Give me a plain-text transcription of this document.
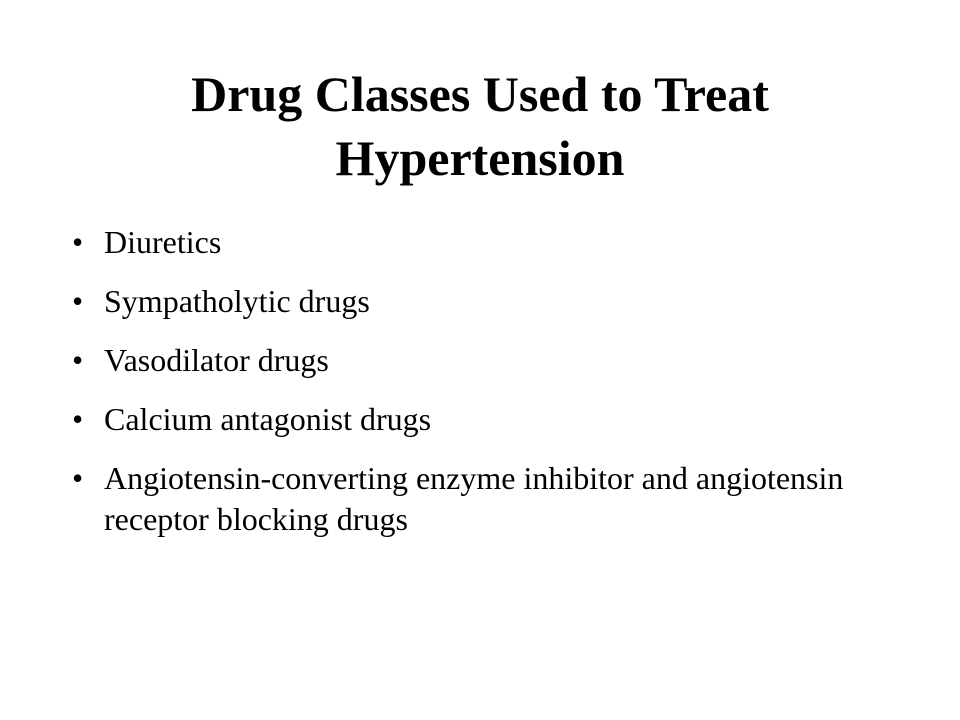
Drug Classes Used to Treat
Hypertension
• Diuretics
• Sympatholytic drugs
• Vasodilator drugs
• Calcium antagonist drugs
• Angiotensin-converting enzyme inhibitor and angiotensin receptor blocking drugs
